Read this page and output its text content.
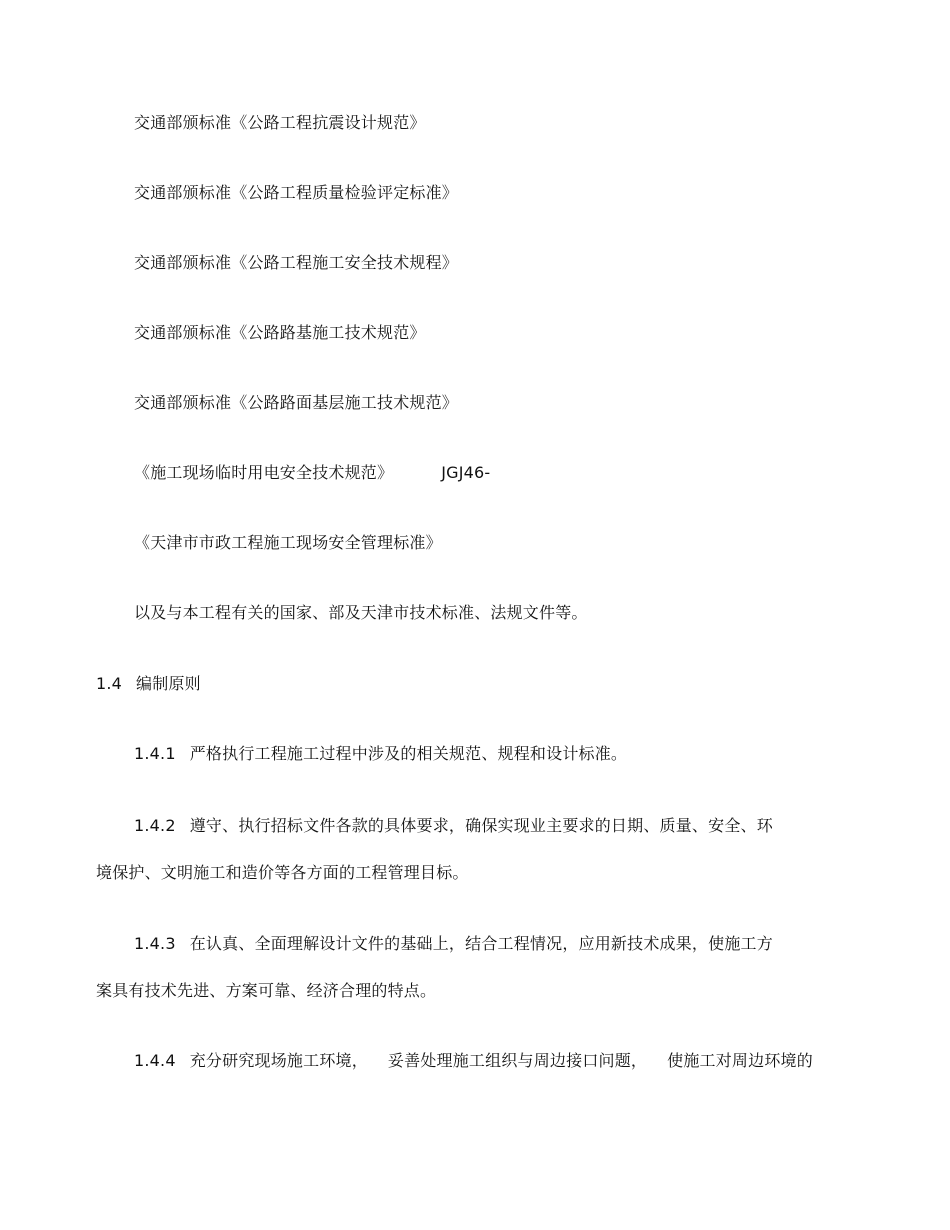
交通部颁标准《公路工程抗震设计规范》
交通部颁标准《公路工程质量检验评定标准》
交通部颁标准《公路工程施工安全技术规程》
交通部颁标准《公路路基施工技术规范》
交通部颁标准《公路路面基层施工技术规范》
《施工现场临时用电安全技术规范》	JGJ46-
《天津市市政工程施工现场安全管理标准》
以及与本工程有关的国家、部及天津市技术标准、法规文件等。
1.4 编制原则
1.4.1 严格执行工程施工过程中涉及的相关规范、规程和设计标准。
1.4.2 遵守、执行招标文件各款的具体要求，确保实现业主要求的日期、质量、安全、环
境保护、文明施工和造价等各方面的工程管理目标。
1.4.3 在认真、全面理解设计文件的基础上，结合工程情况，应用新技术成果，使施工方
案具有技术先进、方案可靠、经济合理的特点。
1.4.4 充分研究现场施工环境， 妥善处理施工组织与周边接口问题， 使施工对周边环境的
